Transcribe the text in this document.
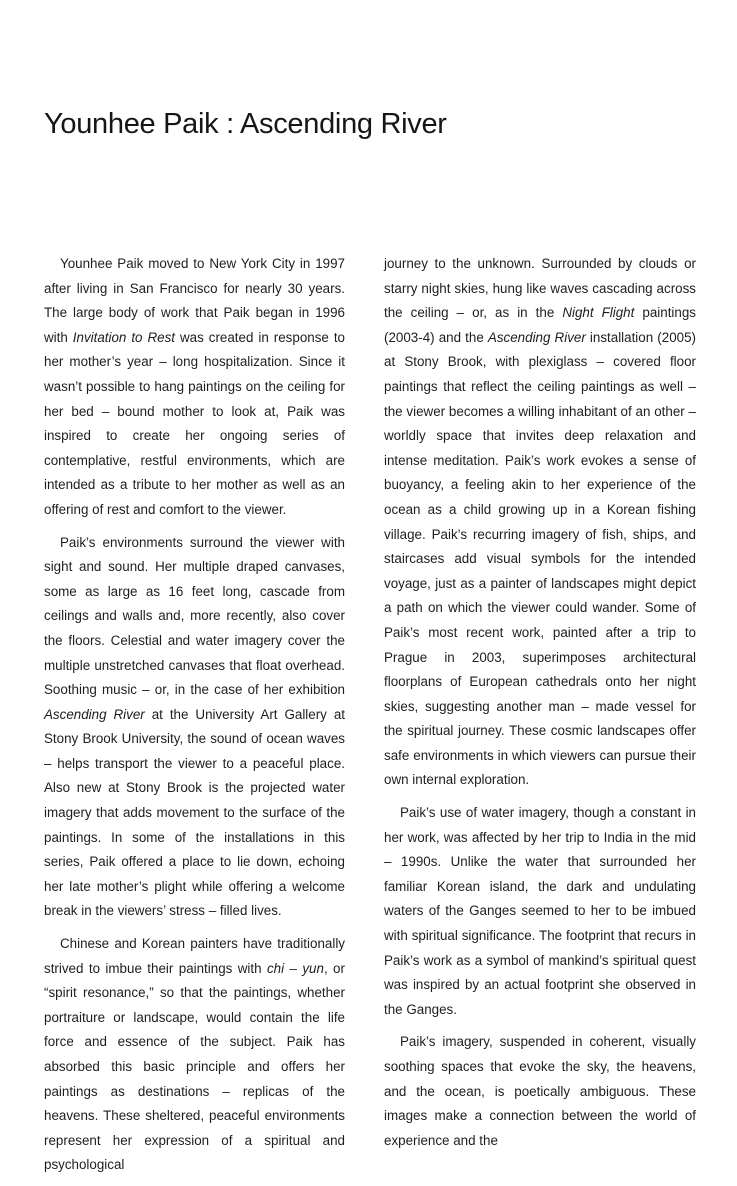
Younhee Paik : Ascending River

Younhee Paik moved to New York City in 1997 after living in San Francisco for nearly 30 years. The large body of work that Paik began in 1996 with Invitation to Rest was created in response to her mother’s year – long hospitalization. Since it wasn’t possible to hang paintings on the ceiling for her bed – bound mother to look at, Paik was inspired to create her ongoing series of contemplative, restful environments, which are intended as a tribute to her mother as well as an offering of rest and comfort to the viewer.

Paik’s environments surround the viewer with sight and sound. Her multiple draped canvases, some as large as 16 feet long, cascade from ceilings and walls and, more recently, also cover the floors. Celestial and water imagery cover the multiple unstretched canvases that float overhead. Soothing music – or, in the case of her exhibition Ascending River at the University Art Gallery at Stony Brook University, the sound of ocean waves – helps transport the viewer to a peaceful place. Also new at Stony Brook is the projected water imagery that adds movement to the surface of the paintings. In some of the installations in this series, Paik offered a place to lie down, echoing her late mother’s plight while offering a welcome break in the viewers’ stress – filled lives.

Chinese and Korean painters have traditionally strived to imbue their paintings with chi – yun, or “spirit resonance,” so that the paintings, whether portraiture or landscape, would contain the life force and essence of the subject. Paik has absorbed this basic principle and offers her paintings as destinations – replicas of the heavens. These sheltered, peaceful environments represent her expression of a spiritual and psychological

journey to the unknown. Surrounded by clouds or starry night skies, hung like waves cascading across the ceiling – or, as in the Night Flight paintings (2003-4) and the Ascending River installation (2005) at Stony Brook, with plexiglass – covered floor paintings that reflect the ceiling paintings as well – the viewer becomes a willing inhabitant of an other – worldly space that invites deep relaxation and intense meditation. Paik’s work evokes a sense of buoyancy, a feeling akin to her experience of the ocean as a child growing up in a Korean fishing village. Paik’s recurring imagery of fish, ships, and staircases add visual symbols for the intended voyage, just as a painter of landscapes might depict a path on which the viewer could wander. Some of Paik’s most recent work, painted after a trip to Prague in 2003, superimposes architectural floorplans of European cathedrals onto her night skies, suggesting another man – made vessel for the spiritual journey. These cosmic landscapes offer safe environments in which viewers can pursue their own internal exploration.

Paik’s use of water imagery, though a constant in her work, was affected by her trip to India in the mid – 1990s. Unlike the water that surrounded her familiar Korean island, the dark and undulating waters of the Ganges seemed to her to be imbued with spiritual significance. The footprint that recurs in Paik’s work as a symbol of mankind’s spiritual quest was inspired by an actual footprint she observed in the Ganges.

Paik’s imagery, suspended in coherent, visually soothing spaces that evoke the sky, the heavens, and the ocean, is poetically ambiguous. These images make a connection between the world of experience and the
